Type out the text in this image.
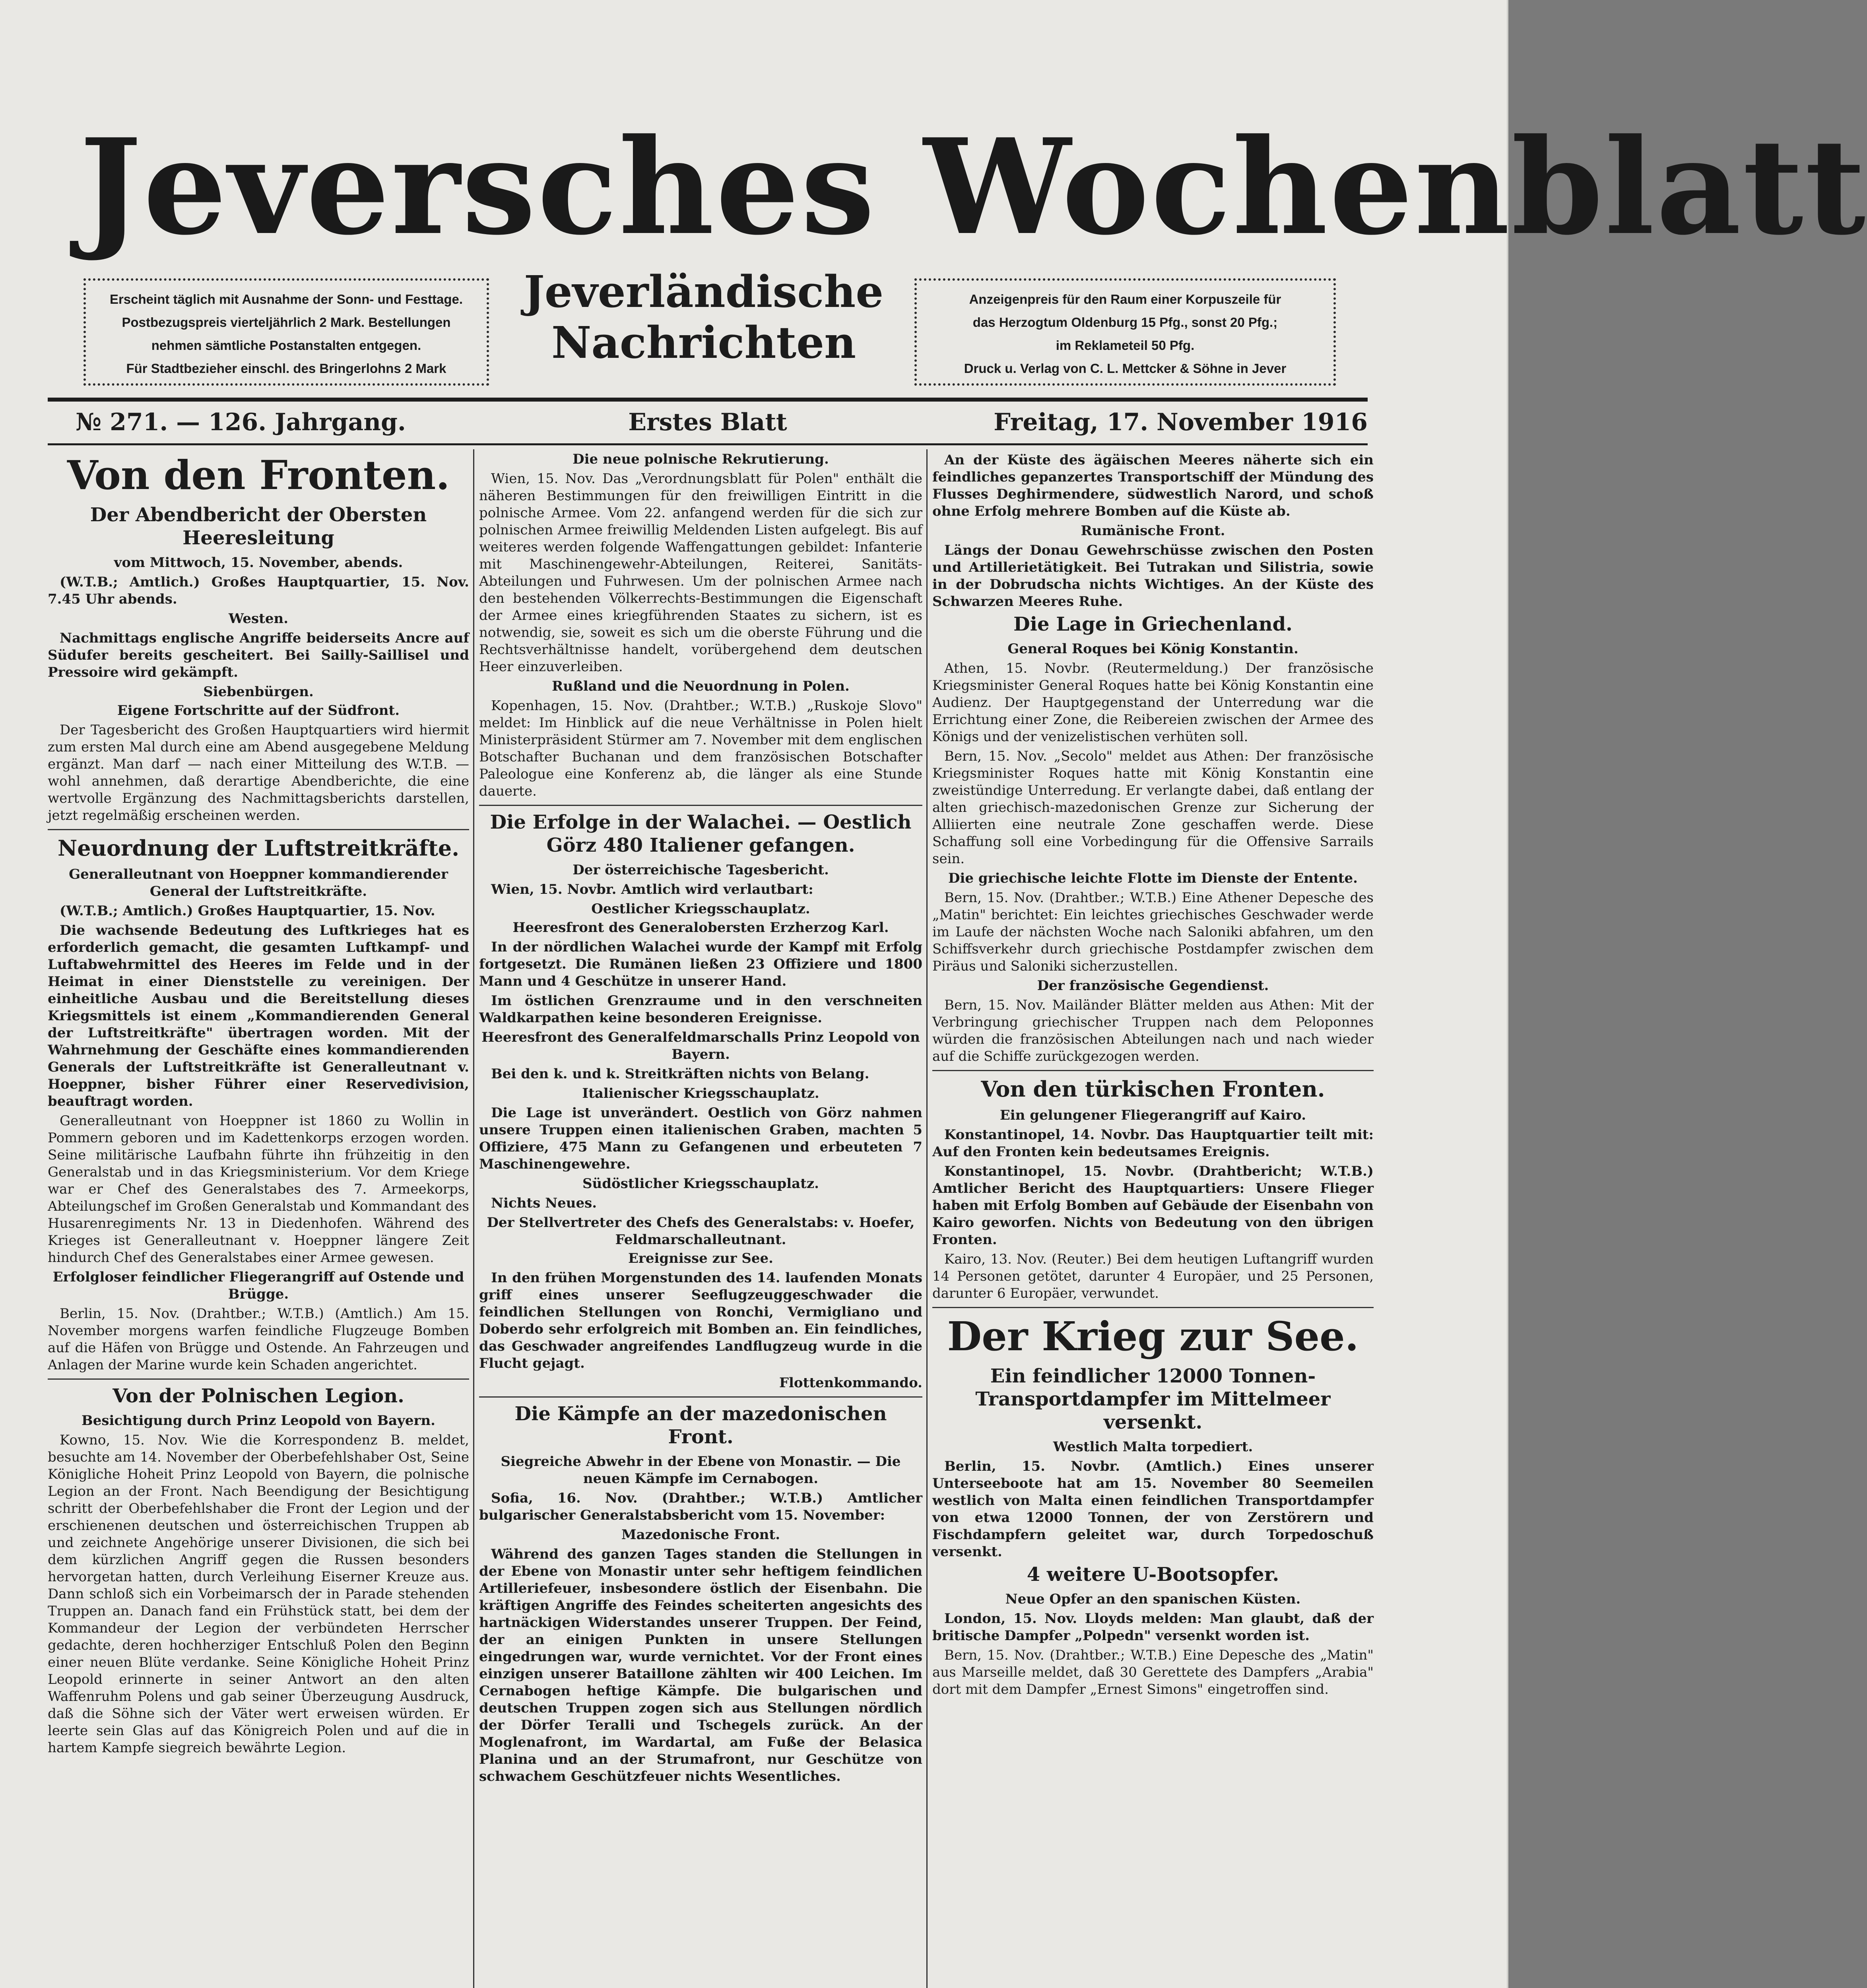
Jeversches Wochenblatt
Erscheint täglich mit Ausnahme der Sonn- und Festtage.
Postbezugspreis vierteljährlich 2 Mark. Bestellungen
nehmen sämtliche Postanstalten entgegen.
Für Stadtbezieher einschl. des Bringerlohns 2 Mark
Jeverländische
Nachrichten
Anzeigenpreis für den Raum einer Korpuszeile für
das Herzogtum Oldenburg 15 Pfg., sonst 20 Pfg.;
im Reklameteil 50 Pfg.
Druck u. Verlag von C. L. Mettcker & Söhne in Jever
№ 271. — 126. Jahrgang.	Erstes Blatt	Freitag, 17. November 1916
Von den Fronten.
Der Abendbericht der Obersten Heeresleitung
vom Mittwoch, 15. November, abends.
(W.T.B.; Amtlich.) Großes Hauptquartier, 15. Nov. 7.45 Uhr abends.
Westen.
Nachmittags englische Angriffe beiderseits Ancre auf Südufer bereits gescheitert. Bei Sailly-Saillisel und Pressoire wird gekämpft.
Siebenbürgen.
Eigene Fortschritte auf der Südfront.
Der Tagesbericht des Großen Hauptquartiers wird hiermit zum ersten Mal durch eine am Abend ausgegebene Meldung ergänzt. Man darf — nach einer Mitteilung des W.T.B. — wohl annehmen, daß derartige Abendberichte, die eine wertvolle Ergänzung des Nachmittagsberichts darstellen, jetzt regelmäßig erscheinen werden.
Neuordnung der Luftstreitkräfte.
Generalleutnant von Hoeppner kommandierender General der Luftstreitkräfte.
(W.T.B.; Amtlich.) Großes Hauptquartier, 15. Nov.
Die wachsende Bedeutung des Luftkrieges hat es erforderlich gemacht, die gesamten Luftkampf- und Luftabwehrmittel des Heeres im Felde und in der Heimat in einer Dienststelle zu vereinigen. Der einheitliche Ausbau und die Bereitstellung dieses Kriegsmittels ist einem „Kommandierenden General der Luftstreitkräfte" übertragen worden. Mit der Wahrnehmung der Geschäfte eines kommandierenden Generals der Luftstreitkräfte ist Generalleutnant v. Hoeppner, bisher Führer einer Reservedivision, beauftragt worden.
Generalleutnant von Hoeppner ist 1860 zu Wollin in Pommern geboren und im Kadettenkorps erzogen worden. Seine militärische Laufbahn führte ihn frühzeitig in den Generalstab und in das Kriegsministerium. Vor dem Kriege war er Chef des Generalstabes des 7. Armeekorps, Abteilungschef im Großen Generalstab und Kommandant des Husarenregiments Nr. 13 in Diedenhofen. Während des Krieges ist Generalleutnant v. Hoeppner längere Zeit hindurch Chef des Generalstabes einer Armee gewesen.
Erfolgloser feindlicher Fliegerangriff auf Ostende und Brügge.
Berlin, 15. Nov. (Drahtber.; W.T.B.) (Amtlich.) Am 15. November morgens warfen feindliche Flugzeuge Bomben auf die Häfen von Brügge und Ostende. An Fahrzeugen und Anlagen der Marine wurde kein Schaden angerichtet.
Von der Polnischen Legion.
Besichtigung durch Prinz Leopold von Bayern.
Kowno, 15. Nov. Wie die Korrespondenz B. meldet, besuchte am 14. November der Oberbefehlshaber Ost, Seine Königliche Hoheit Prinz Leopold von Bayern, die polnische Legion an der Front. Nach Beendigung der Besichtigung schritt der Oberbefehlshaber die Front der Legion und der erschienenen deutschen und österreichischen Truppen ab und zeichnete Angehörige unserer Divisionen, die sich bei dem kürzlichen Angriff gegen die Russen besonders hervorgetan hatten, durch Verleihung Eiserner Kreuze aus. Dann schloß sich ein Vorbeimarsch der in Parade stehenden Truppen an. Danach fand ein Frühstück statt, bei dem der Kommandeur der Legion der verbündeten Herrscher gedachte, deren hochherziger Entschluß Polen den Beginn einer neuen Blüte verdanke. Seine Königliche Hoheit Prinz Leopold erinnerte in seiner Antwort an den alten Waffenruhm Polens und gab seiner Überzeugung Ausdruck, daß die Söhne sich der Väter wert erweisen würden. Er leerte sein Glas auf das Königreich Polen und auf die in hartem Kampfe siegreich bewährte Legion.
Die neue polnische Rekrutierung.
Wien, 15. Nov. Das „Verordnungsblatt für Polen" enthält die näheren Bestimmungen für den freiwilligen Eintritt in die polnische Armee. Vom 22. anfangend werden für die sich zur polnischen Armee freiwillig Meldenden Listen aufgelegt. Bis auf weiteres werden folgende Waffengattungen gebildet: Infanterie mit Maschinengewehr-Abteilungen, Reiterei, Sanitäts-Abteilungen und Fuhrwesen. Um der polnischen Armee nach den bestehenden Völkerrechts-Bestimmungen die Eigenschaft der Armee eines kriegführenden Staates zu sichern, ist es notwendig, sie, soweit es sich um die oberste Führung und die Rechtsverhältnisse handelt, vorübergehend dem deutschen Heer einzuverleiben.
Rußland und die Neuordnung in Polen.
Kopenhagen, 15. Nov. (Drahtber.; W.T.B.) „Ruskoje Slovo" meldet: Im Hinblick auf die neue Verhältnisse in Polen hielt Ministerpräsident Stürmer am 7. November mit dem englischen Botschafter Buchanan und dem französischen Botschafter Paleologue eine Konferenz ab, die länger als eine Stunde dauerte.
Die Erfolge in der Walachei. — Oestlich Görz 480 Italiener gefangen.
Der österreichische Tagesbericht.
Wien, 15. Novbr. Amtlich wird verlautbart:
Oestlicher Kriegsschauplatz.
Heeresfront des Generalobersten Erzherzog Karl.
In der nördlichen Walachei wurde der Kampf mit Erfolg fortgesetzt. Die Rumänen ließen 23 Offiziere und 1800 Mann und 4 Geschütze in unserer Hand.
Im östlichen Grenzraume und in den verschneiten Waldkarpathen keine besonderen Ereignisse.
Heeresfront des Generalfeldmarschalls Prinz Leopold von Bayern.
Bei den k. und k. Streitkräften nichts von Belang.
Italienischer Kriegsschauplatz.
Die Lage ist unverändert. Oestlich von Görz nahmen unsere Truppen einen italienischen Graben, machten 5 Offiziere, 475 Mann zu Gefangenen und erbeuteten 7 Maschinengewehre.
Südöstlicher Kriegsschauplatz.
Nichts Neues.
Der Stellvertreter des Chefs des Generalstabs: v. Hoefer, Feldmarschalleutnant.
Ereignisse zur See.
In den frühen Morgenstunden des 14. laufenden Monats griff eines unserer Seeflugzeuggeschwader die feindlichen Stellungen von Ronchi, Vermigliano und Doberdo sehr erfolgreich mit Bomben an. Ein feindliches, das Geschwader angreifendes Landflugzeug wurde in die Flucht gejagt.
Flottenkommando.
Die Kämpfe an der mazedonischen Front.
Siegreiche Abwehr in der Ebene von Monastir. — Die neuen Kämpfe im Cernabogen.
Sofia, 16. Nov. (Drahtber.; W.T.B.) Amtlicher bulgarischer Generalstabsbericht vom 15. November:
Mazedonische Front.
Während des ganzen Tages standen die Stellungen in der Ebene von Monastir unter sehr heftigem feindlichen Artilleriefeuer, insbesondere östlich der Eisenbahn. Die kräftigen Angriffe des Feindes scheiterten angesichts des hartnäckigen Widerstandes unserer Truppen. Der Feind, der an einigen Punkten in unsere Stellungen eingedrungen war, wurde vernichtet. Vor der Front eines einzigen unserer Bataillone zählten wir 400 Leichen. Im Cernabogen heftige Kämpfe. Die bulgarischen und deutschen Truppen zogen sich aus Stellungen nördlich der Dörfer Teralli und Tschegels zurück. An der Moglenafront, im Wardartal, am Fuße der Belasica Planina und an der Strumafront, nur Geschütze von schwachem Geschützfeuer nichts Wesentliches.
An der Küste des ägäischen Meeres näherte sich ein feindliches gepanzertes Transportschiff der Mündung des Flusses Deghirmendere, südwestlich Narord, und schoß ohne Erfolg mehrere Bomben auf die Küste ab.
Rumänische Front.
Längs der Donau Gewehrschüsse zwischen den Posten und Artillerietätigkeit. Bei Tutrakan und Silistria, sowie in der Dobrudscha nichts Wichtiges. An der Küste des Schwarzen Meeres Ruhe.
Die Lage in Griechenland.
General Roques bei König Konstantin.
Athen, 15. Novbr. (Reutermeldung.) Der französische Kriegsminister General Roques hatte bei König Konstantin eine Audienz. Der Hauptgegenstand der Unterredung war die Errichtung einer Zone, die Reibereien zwischen der Armee des Königs und der venizelistischen verhüten soll.
Bern, 15. Nov. „Secolo" meldet aus Athen: Der französische Kriegsminister Roques hatte mit König Konstantin eine zweistündige Unterredung. Er verlangte dabei, daß entlang der alten griechisch-mazedonischen Grenze zur Sicherung der Alliierten eine neutrale Zone geschaffen werde. Diese Schaffung soll eine Vorbedingung für die Offensive Sarrails sein.
Die griechische leichte Flotte im Dienste der Entente.
Bern, 15. Nov. (Drahtber.; W.T.B.) Eine Athener Depesche des „Matin" berichtet: Ein leichtes griechisches Geschwader werde im Laufe der nächsten Woche nach Saloniki abfahren, um den Schiffsverkehr durch griechische Postdampfer zwischen dem Piräus und Saloniki sicherzustellen.
Der französische Gegendienst.
Bern, 15. Nov. Mailänder Blätter melden aus Athen: Mit der Verbringung griechischer Truppen nach dem Peloponnes würden die französischen Abteilungen nach und nach wieder auf die Schiffe zurückgezogen werden.
Von den türkischen Fronten.
Ein gelungener Fliegerangriff auf Kairo.
Konstantinopel, 14. Novbr. Das Hauptquartier teilt mit: Auf den Fronten kein bedeutsames Ereignis.
Konstantinopel, 15. Novbr. (Drahtbericht; W.T.B.) Amtlicher Bericht des Hauptquartiers: Unsere Flieger haben mit Erfolg Bomben auf Gebäude der Eisenbahn von Kairo geworfen. Nichts von Bedeutung von den übrigen Fronten.
Kairo, 13. Nov. (Reuter.) Bei dem heutigen Luftangriff wurden 14 Personen getötet, darunter 4 Europäer, und 25 Personen, darunter 6 Europäer, verwundet.
Der Krieg zur See.
Ein feindlicher 12000 Tonnen-Transportdampfer im Mittelmeer versenkt.
Westlich Malta torpediert.
Berlin, 15. Novbr. (Amtlich.) Eines unserer Unterseeboote hat am 15. November 80 Seemeilen westlich von Malta einen feindlichen Transportdampfer von etwa 12000 Tonnen, der von Zerstörern und Fischdampfern geleitet war, durch Torpedoschuß versenkt.
4 weitere U-Bootsopfer.
Neue Opfer an den spanischen Küsten.
London, 15. Nov. Lloyds melden: Man glaubt, daß der britische Dampfer „Polpedn" versenkt worden ist.
Bern, 15. Nov. (Drahtber.; W.T.B.) Eine Depesche des „Matin" aus Marseille meldet, daß 30 Gerettete des Dampfers „Arabia" dort mit dem Dampfer „Ernest Simons" eingetroffen sind.
